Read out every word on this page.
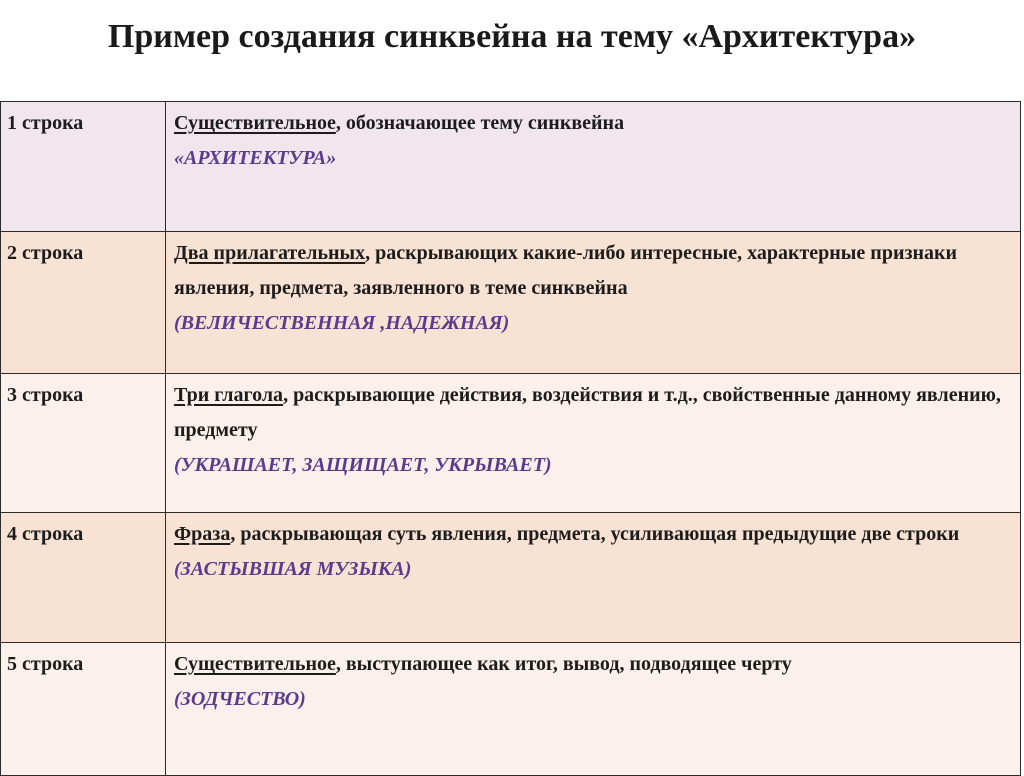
Пример создания синквейна на тему «Архитектура»
1 строка	Существительное, обозначающее тему синквейна
«АРХИТЕКТУРА»

2 строка	Два прилагательных, раскрывающих какие-либо интересные, характерные признаки явления, предмета, заявленного в теме синквейна
(ВЕЛИЧЕСТВЕННАЯ ,НАДЕЖНАЯ)

3 строка	Три глагола, раскрывающие действия, воздействия и т.д., свойственные данному явлению, предмету
(УКРАШАЕТ, ЗАЩИЩАЕТ, УКРЫВАЕТ)

4 строка	Фраза, раскрывающая суть явления, предмета, усиливающая предыдущие две строки
(ЗАСТЫВШАЯ МУЗЫКА)

5 строка	Существительное, выступающее как итог, вывод, подводящее черту
(ЗОДЧЕСТВО)
